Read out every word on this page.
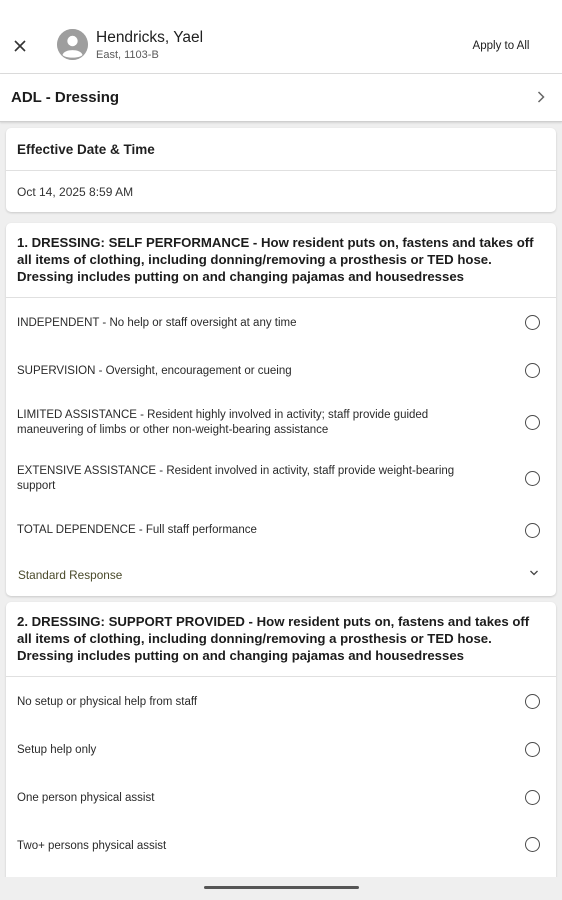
Hendricks, Yael
East, 1103-B
Apply to All
ADL - Dressing
Effective Date & Time
Oct 14, 2025 8:59 AM
1. DRESSING: SELF PERFORMANCE - How resident puts on, fastens and takes off all items of clothing, including donning/removing a prosthesis or TED hose. Dressing includes putting on and changing pajamas and housedresses
INDEPENDENT - No help or staff oversight at any time
SUPERVISION - Oversight, encouragement or cueing
LIMITED ASSISTANCE - Resident highly involved in activity; staff provide guided maneuvering of limbs or other non-weight-bearing assistance
EXTENSIVE ASSISTANCE - Resident involved in activity, staff provide weight-bearing support
TOTAL DEPENDENCE - Full staff performance
Standard Response
2. DRESSING: SUPPORT PROVIDED - How resident puts on, fastens and takes off all items of clothing, including donning/removing a prosthesis or TED hose. Dressing includes putting on and changing pajamas and housedresses
No setup or physical help from staff
Setup help only
One person physical assist
Two+ persons physical assist
